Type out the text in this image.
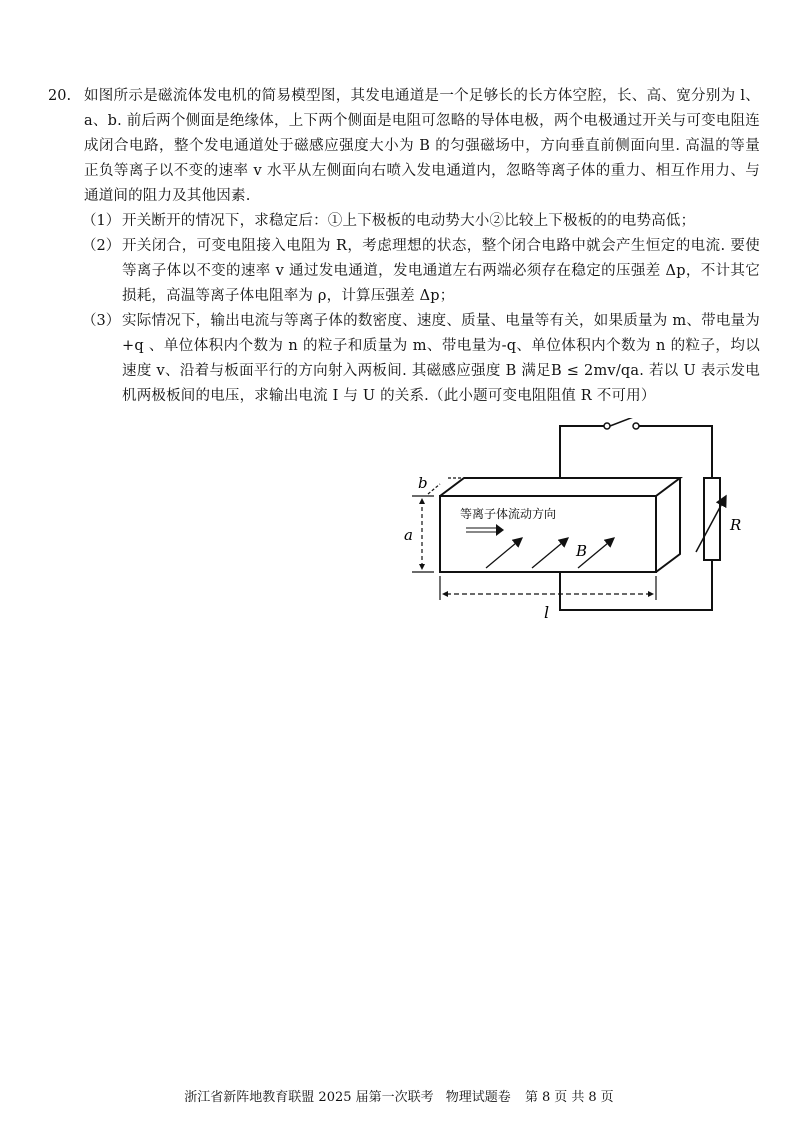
20. 如图所示是磁流体发电机的简易模型图，其发电通道是一个足够长的长方体空腔，长、高、宽分别为 l、a、b. 前后两个侧面是绝缘体，上下两个侧面是电阻可忽略的导体电极，两个电极通过开关与可变电阻连成闭合电路，整个发电通道处于磁感应强度大小为 B 的匀强磁场中，方向垂直前侧面向里. 高温的等量正负等离子以不变的速率 v 水平从左侧面向右喷入发电通道内，忽略等离子体的重力、相互作用力、与通道间的阻力及其他因素.
（1） 开关断开的情况下，求稳定后：①上下极板的电动势大小②比较上下极板的的电势高低；
（2） 开关闭合，可变电阻接入电阻为 R，考虑理想的状态，整个闭合电路中就会产生恒定的电流. 要使等离子体以不变的速率 v 通过发电通道，发电通道左右两端必须存在稳定的压强差 Δp，不计其它损耗，高温等离子体电阻率为 ρ，计算压强差 Δp；
（3） 实际情况下，输出电流与等离子体的数密度、速度、质量、电量等有关，如果质量为 m、带电量为+q 、单位体积内个数为 n 的粒子和质量为 m、带电量为-q、单位体积内个数为 n 的粒子，均以速度 v、沿着与板面平行的方向射入两板间. 其磁感应强度 B 满足B ≤ 2mv/qa. 若以 U 表示发电机两极板间的电压，求输出电流 I 与 U 的关系.（此小题可变电阻阻值 R 不可用）
b
a
l
B
R
等离子体流动方向
浙江省新阵地教育联盟 2025 届第一次联考 物理试题卷 第 8 页 共 8 页
